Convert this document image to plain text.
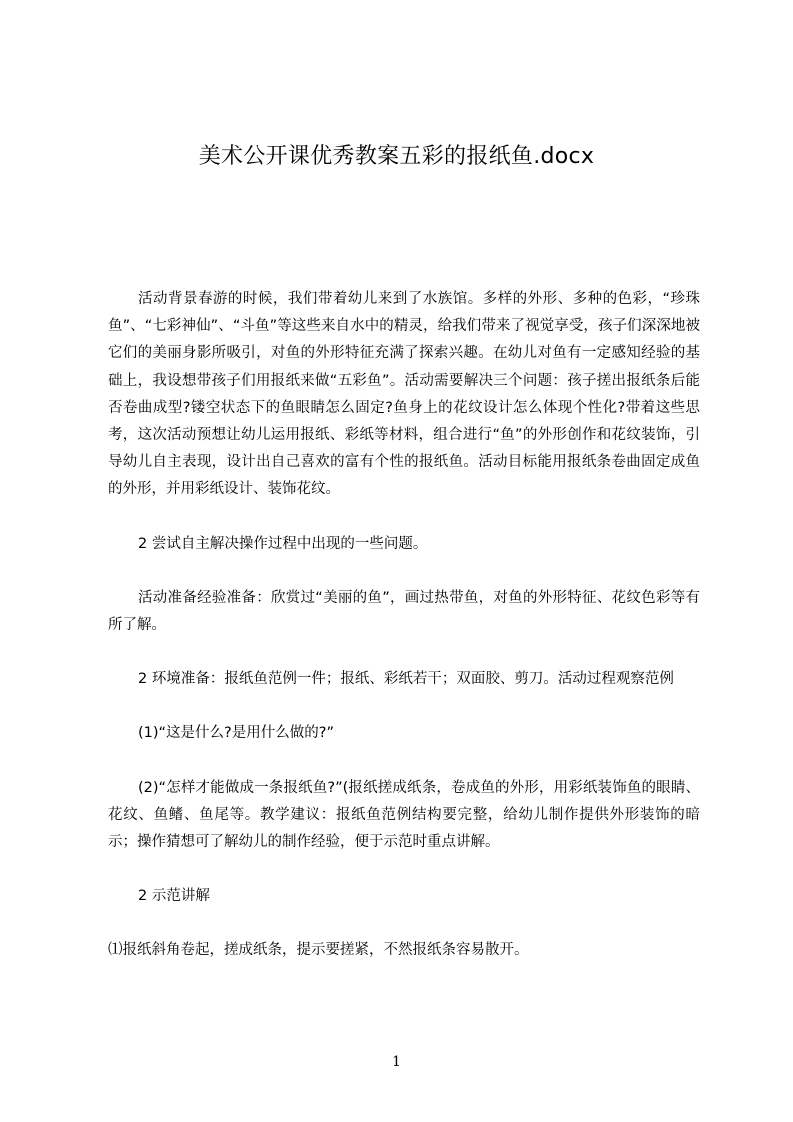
美术公开课优秀教案五彩的报纸鱼.docx

活动背景春游的时候，我们带着幼儿来到了水族馆。多样的外形、多种的色彩，“珍珠鱼”、“七彩神仙”、“斗鱼”等这些来自水中的精灵，给我们带来了视觉享受，孩子们深深地被它们的美丽身影所吸引，对鱼的外形特征充满了探索兴趣。在幼儿对鱼有一定感知经验的基础上，我设想带孩子们用报纸来做“五彩鱼”。活动需要解决三个问题：孩子搓出报纸条后能否卷曲成型?镂空状态下的鱼眼睛怎么固定?鱼身上的花纹设计怎么体现个性化?带着这些思考，这次活动预想让幼儿运用报纸、彩纸等材料，组合进行“鱼”的外形创作和花纹装饰，引导幼儿自主表现，设计出自己喜欢的富有个性的报纸鱼。活动目标能用报纸条卷曲固定成鱼的外形，并用彩纸设计、装饰花纹。

2 尝试自主解决操作过程中出现的一些问题。

活动准备经验准备：欣赏过“美丽的鱼”，画过热带鱼，对鱼的外形特征、花纹色彩等有所了解。

2 环境准备：报纸鱼范例一件；报纸、彩纸若干；双面胶、剪刀。活动过程观察范例

(1)“这是什么?是用什么做的?”

(2)“怎样才能做成一条报纸鱼?”(报纸搓成纸条，卷成鱼的外形，用彩纸装饰鱼的眼睛、花纹、鱼鳍、鱼尾等。教学建议：报纸鱼范例结构要完整，给幼儿制作提供外形装饰的暗示；操作猜想可了解幼儿的制作经验，便于示范时重点讲解。

2 示范讲解

⑴报纸斜角卷起，搓成纸条，提示要搓紧，不然报纸条容易散开。

1
